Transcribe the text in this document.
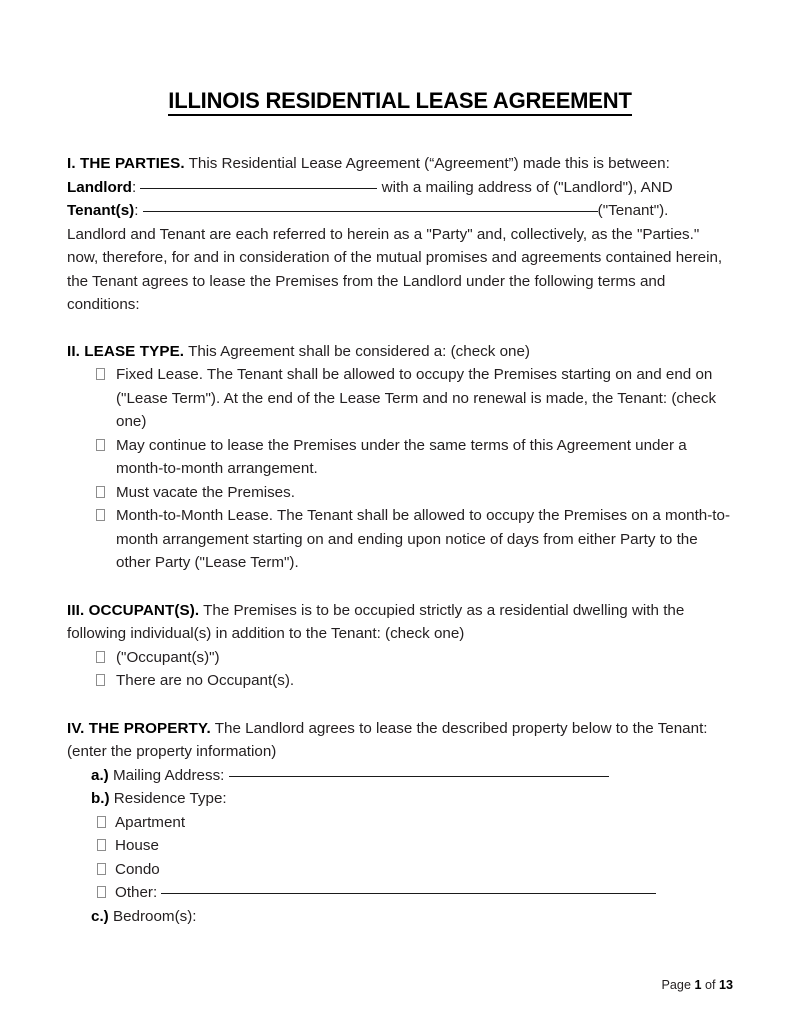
ILLINOIS RESIDENTIAL LEASE AGREEMENT

I. THE PARTIES. This Residential Lease Agreement (“Agreement”) made this is between:

Landlord:	with a mailing address of ("Landlord"), AND
Tenant(s):	("Tenant").

Landlord and Tenant are each referred to herein as a "Party" and, collectively, as the "Parties." now, therefore, for and in consideration of the mutual promises and agreements contained herein, the Tenant agrees to lease the Premises from the Landlord under the following terms and conditions:

II. LEASE TYPE. This Agreement shall be considered a: (check one)

Fixed Lease. The Tenant shall be allowed to occupy the Premises starting on and end on ("Lease Term"). At the end of the Lease Term and no renewal is made, the Tenant: (check one)
May continue to lease the Premises under the same terms of this Agreement under a month-to-month arrangement.
Must vacate the Premises.
Month-to-Month Lease. The Tenant shall be allowed to occupy the Premises on a month-to-month arrangement starting on and ending upon notice of days from either Party to the other Party ("Lease Term").

III. OCCUPANT(S). The Premises is to be occupied strictly as a residential dwelling with the following individual(s) in addition to the Tenant: (check one)

("Occupant(s)")
There are no Occupant(s).

IV. THE PROPERTY. The Landlord agrees to lease the described property below to the Tenant: (enter the property information)

a.) Mailing Address:
b.) Residence Type:
Apartment
House
Condo
Other:
c.) Bedroom(s):
Page 1 of 13
